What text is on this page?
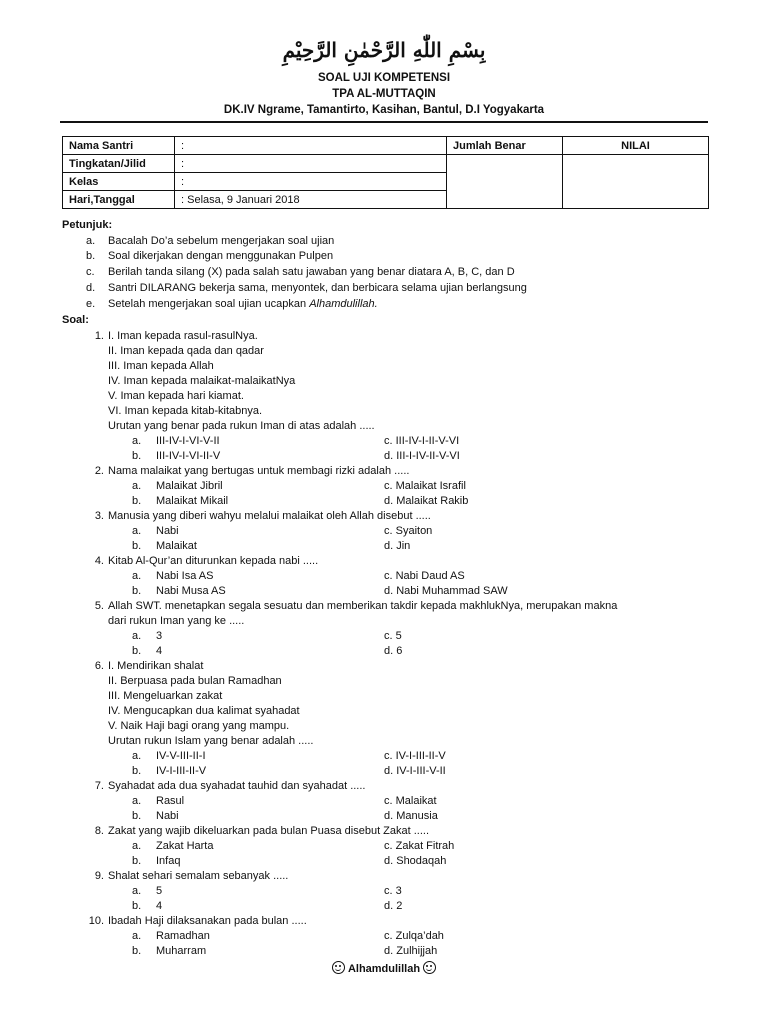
بِسْمِ اللّٰهِ الرَّحْمٰنِ الرَّحِيْمِ
SOAL UJI KOMPETENSI
TPA AL-MUTTAQIN
DK.IV Ngrame, Tamantirto, Kasihan, Bantul, D.I Yogyakarta
Nama Santri	:	Jumlah Benar	NILAI
Tingkatan/Jilid	:		
Kelas	:		
Hari,Tanggal	: Selasa, 9 Januari 2018		
Petunjuk:
a.	Bacalah Do’a sebelum mengerjakan soal ujian
b.	Soal dikerjakan dengan menggunakan Pulpen
c.	Berilah tanda silang (X) pada salah satu jawaban yang benar diatara A, B, C, dan D
d.	Santri DILARANG bekerja sama, menyontek, dan berbicara selama ujian berlangsung
e.	Setelah mengerjakan soal ujian ucapkan Alhamdulillah.
Soal:
1. I. Iman kepada rasul-rasulNya.
II. Iman kepada qada dan qadar
III. Iman kepada Allah
IV. Iman kepada malaikat-malaikatNya
V. Iman kepada hari kiamat.
VI. Iman kepada kitab-kitabnya.
Urutan yang benar pada rukun Iman di atas adalah .....
a. III-IV-I-VI-V-II	c. III-IV-I-II-V-VI
b. III-IV-I-VI-II-V	d. III-I-IV-II-V-VI
2. Nama malaikat yang bertugas untuk membagi rizki adalah .....
a. Malaikat Jibril	c. Malaikat Israfil
b. Malaikat Mikail	d. Malaikat Rakib
3. Manusia yang diberi wahyu melalui malaikat oleh Allah disebut .....
a. Nabi	c. Syaiton
b. Malaikat	d. Jin
4. Kitab Al-Qur’an diturunkan kepada nabi .....
a. Nabi Isa AS	c. Nabi Daud AS
b. Nabi Musa AS	d. Nabi Muhammad SAW
5. Allah SWT. menetapkan segala sesuatu dan memberikan takdir kepada makhlukNya, merupakan makna
dari rukun Iman yang ke .....
a. 3	c. 5
b. 4	d. 6
6. I. Mendirikan shalat
II. Berpuasa pada bulan Ramadhan
III. Mengeluarkan zakat
IV. Mengucapkan dua kalimat syahadat
V. Naik Haji bagi orang yang mampu.
Urutan rukun Islam yang benar adalah .....
a. IV-V-III-II-I	c. IV-I-III-II-V
b. IV-I-III-II-V	d. IV-I-III-V-II
7. Syahadat ada dua syahadat tauhid dan syahadat .....
a. Rasul	c. Malaikat
b. Nabi	d. Manusia
8. Zakat yang wajib dikeluarkan pada bulan Puasa disebut Zakat .....
a. Zakat Harta	c. Zakat Fitrah
b. Infaq	d. Shodaqah
9. Shalat sehari semalam sebanyak .....
a. 5	c. 3
b. 4	d. 2
10. Ibadah Haji dilaksanakan pada bulan .....
a. Ramadhan	c. Zulqa’dah
b. Muharram	d. Zulhijjah
Alhamdulillah
